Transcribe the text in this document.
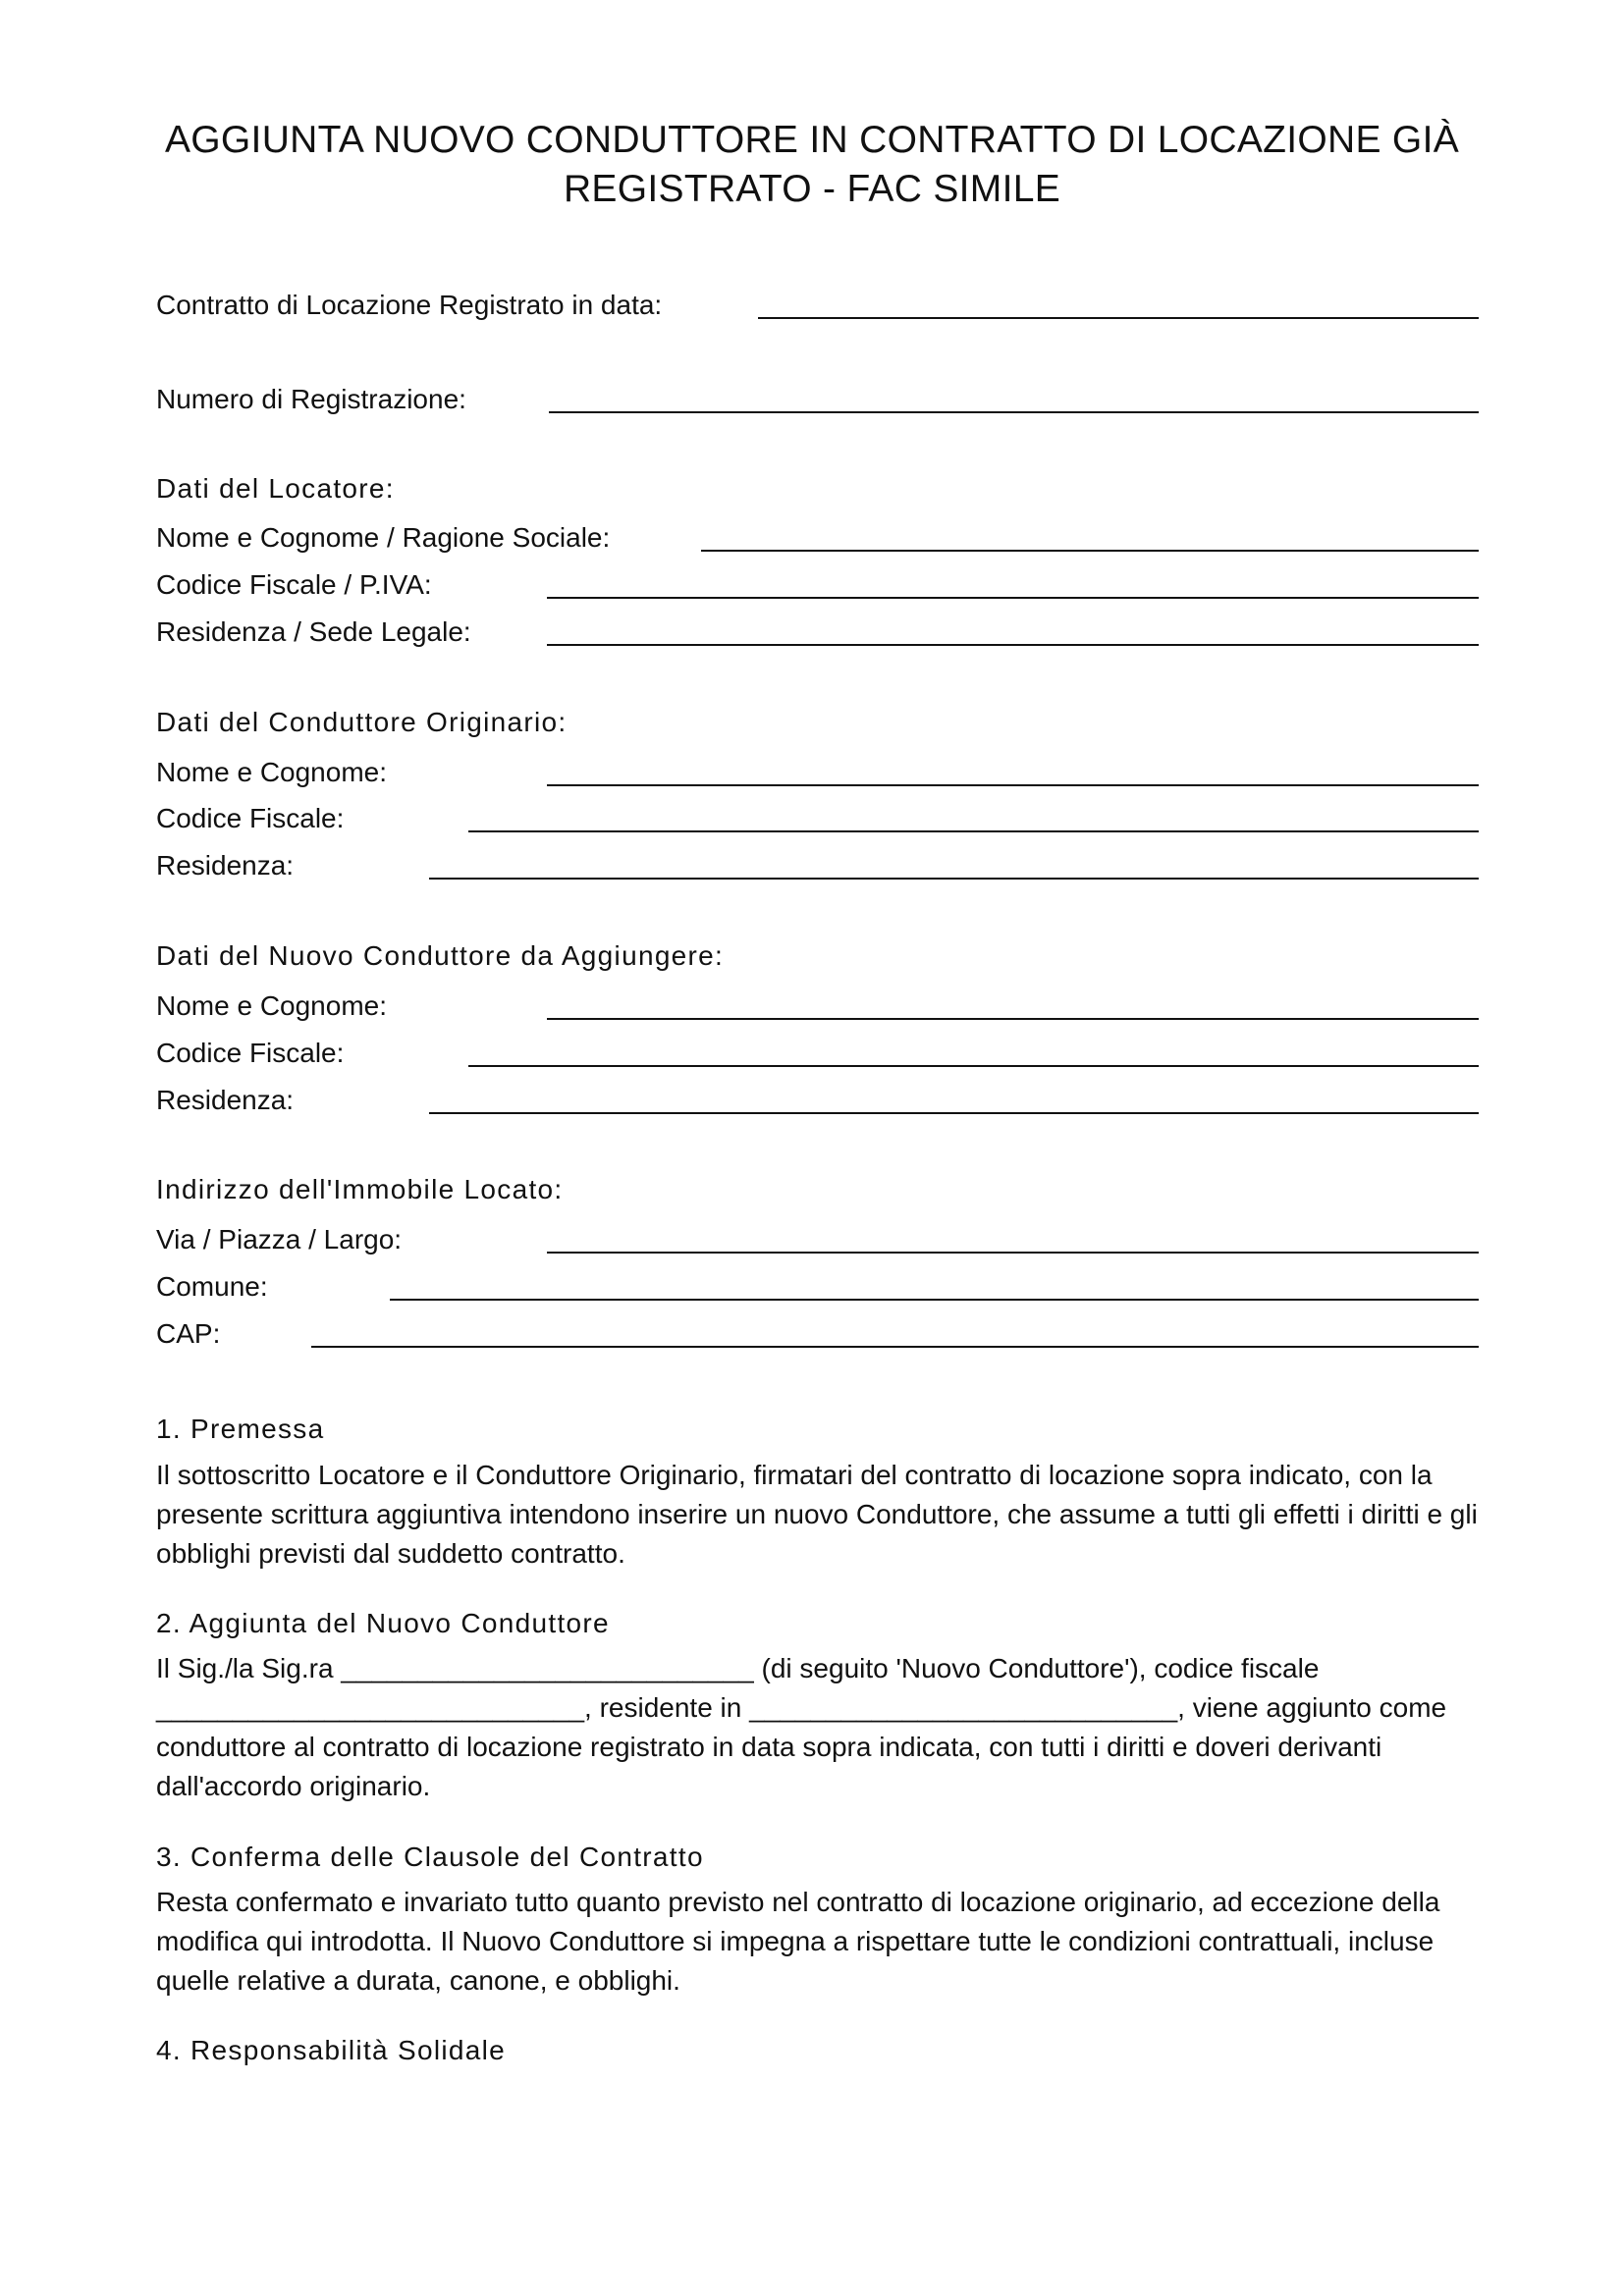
AGGIUNTA NUOVO CONDUTTORE IN CONTRATTO DI LOCAZIONE GIÀ
REGISTRATO - FAC SIMILE
Contratto di Locazione Registrato in data:
Numero di Registrazione:
Dati del Locatore:
Nome e Cognome / Ragione Sociale:
Codice Fiscale / P.IVA:
Residenza / Sede Legale:
Dati del Conduttore Originario:
Nome e Cognome:
Codice Fiscale:
Residenza:
Dati del Nuovo Conduttore da Aggiungere:
Nome e Cognome:
Codice Fiscale:
Residenza:
Indirizzo dell'Immobile Locato:
Via / Piazza / Largo:
Comune:
CAP:
1. Premessa
Il sottoscritto Locatore e il Conduttore Originario, firmatari del contratto di locazione sopra indicato, con la
presente scrittura aggiuntiva intendono inserire un nuovo Conduttore, che assume a tutti gli effetti i diritti e gli
obblighi previsti dal suddetto contratto.
2. Aggiunta del Nuovo Conduttore
Il Sig./la Sig.ra ___________________________ (di seguito 'Nuovo Conduttore'), codice fiscale
____________________________, residente in ____________________________, viene aggiunto come
conduttore al contratto di locazione registrato in data sopra indicata, con tutti i diritti e doveri derivanti
dall'accordo originario.
3. Conferma delle Clausole del Contratto
Resta confermato e invariato tutto quanto previsto nel contratto di locazione originario, ad eccezione della
modifica qui introdotta. Il Nuovo Conduttore si impegna a rispettare tutte le condizioni contrattuali, incluse
quelle relative a durata, canone, e obblighi.
4. Responsabilità Solidale
